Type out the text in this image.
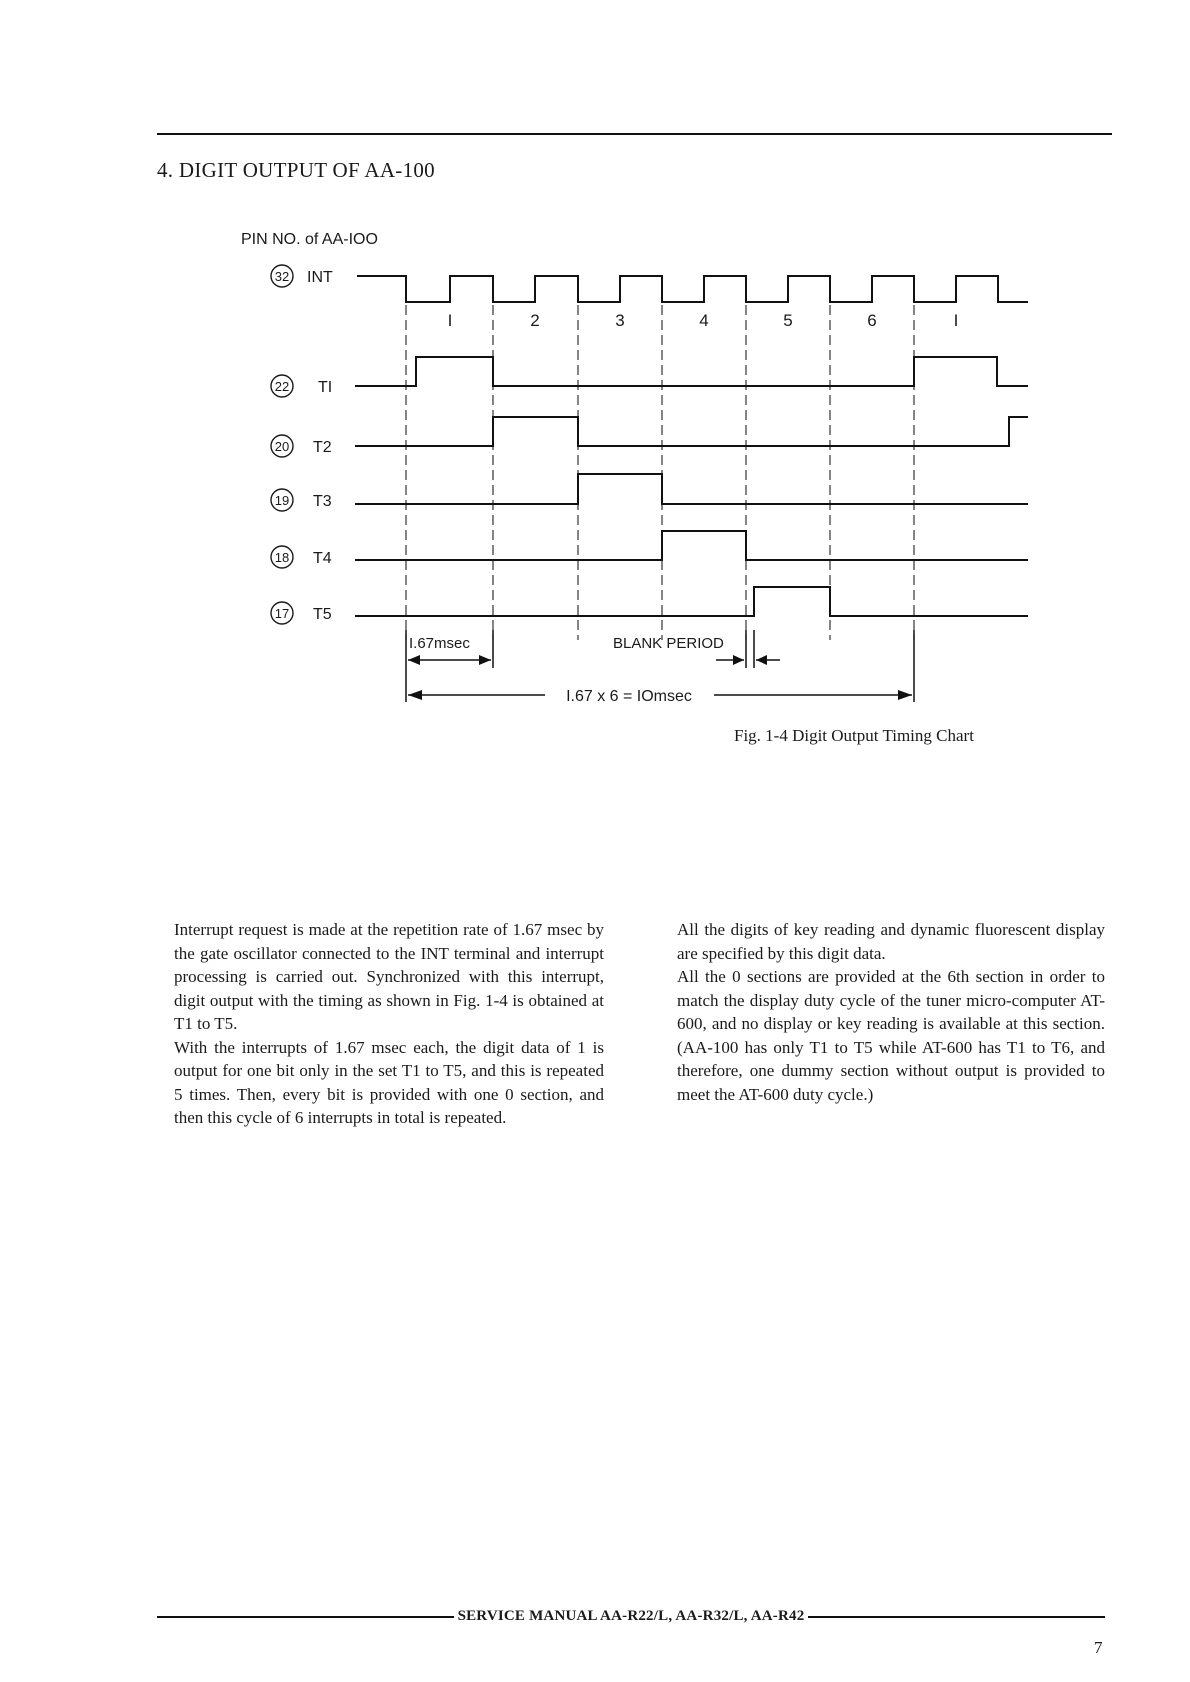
4. DIGIT OUTPUT OF AA-100
PIN NO. of AA-IOO
32
22
20
19
18
17
INT
TI
T2
T3
T4
T5
I	2	3	4	5	6	I
I.67msec	BLANK PERIOD
I.67 x 6 = IOmsec
Fig. 1-4 Digit Output Timing Chart

Interrupt request is made at the repetition rate of 1.67 msec by the gate oscillator connected to the INT terminal and interrupt processing is carried out. Synchronized with this interrupt, digit output with the timing as shown in Fig. 1-4 is obtained at T1 to T5.

With the interrupts of 1.67 msec each, the digit data of 1 is output for one bit only in the set T1 to T5, and this is repeated 5 times. Then, every bit is provided with one 0 section, and then this cycle of 6 interrupts in total is repeated.

All the digits of key reading and dynamic fluorescent display are specified by this digit data.

All the 0 sections are provided at the 6th section in order to match the display duty cycle of the tuner micro-computer AT-600, and no display or key reading is available at this section. (AA-100 has only T1 to T5 while AT-600 has T1 to T6, and therefore, one dummy section without output is provided to meet the AT-600 duty cycle.)

SERVICE MANUAL AA-R22/L, AA-R32/L, AA-R42
7
